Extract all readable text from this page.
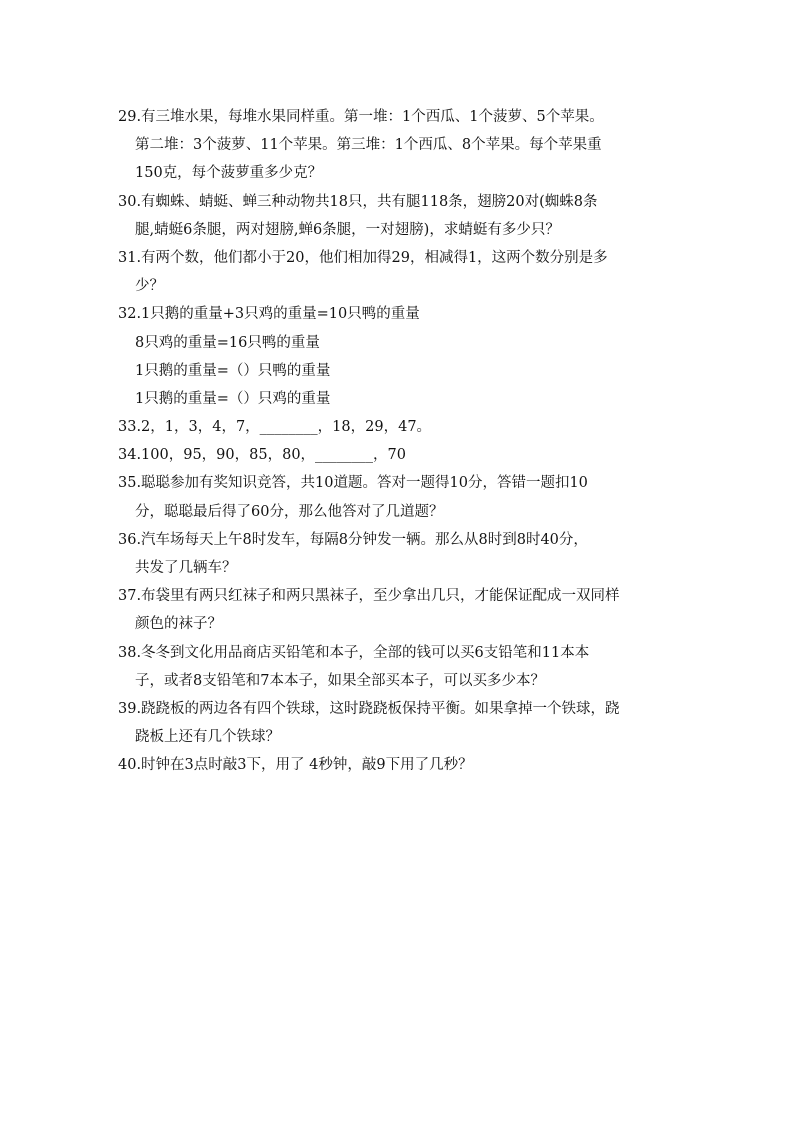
29.有三堆水果，每堆水果同样重。第一堆：1个西瓜、1个菠萝、5个苹果。
第二堆：3个菠萝、11个苹果。第三堆：1个西瓜、8个苹果。每个苹果重
150克，每个菠萝重多少克？
30.有蜘蛛、蜻蜓、蝉三种动物共18只，共有腿118条，翅膀20对(蜘蛛8条
腿,蜻蜓6条腿，两对翅膀,蝉6条腿，一对翅膀)，求蜻蜓有多少只？
31.有两个数，他们都小于20，他们相加得29，相减得1，这两个数分别是多
少？
32.1只鹅的重量+3只鸡的重量=10只鸭的重量
8只鸡的重量=16只鸭的重量
1只鹅的重量=（）只鸭的重量
1只鹅的重量=（）只鸡的重量
33.2，1，3，4，7，________，18，29，47。
34.100，95，90，85，80，________，70
35.聪聪参加有奖知识竞答，共10道题。答对一题得10分，答错一题扣10
分，聪聪最后得了60分，那么他答对了几道题？
36.汽车场每天上午8时发车，每隔8分钟发一辆。那么从8时到8时40分，
共发了几辆车？
37.布袋里有两只红袜子和两只黑袜子，至少拿出几只，才能保证配成一双同样
颜色的袜子？
38.冬冬到文化用品商店买铅笔和本子，全部的钱可以买6支铅笔和11本本
子，或者8支铅笔和7本本子，如果全部买本子，可以买多少本？
39.跷跷板的两边各有四个铁球，这时跷跷板保持平衡。如果拿掉一个铁球，跷
跷板上还有几个铁球？
40.时钟在3点时敲3下，用了 4秒钟，敲9下用了几秒？
